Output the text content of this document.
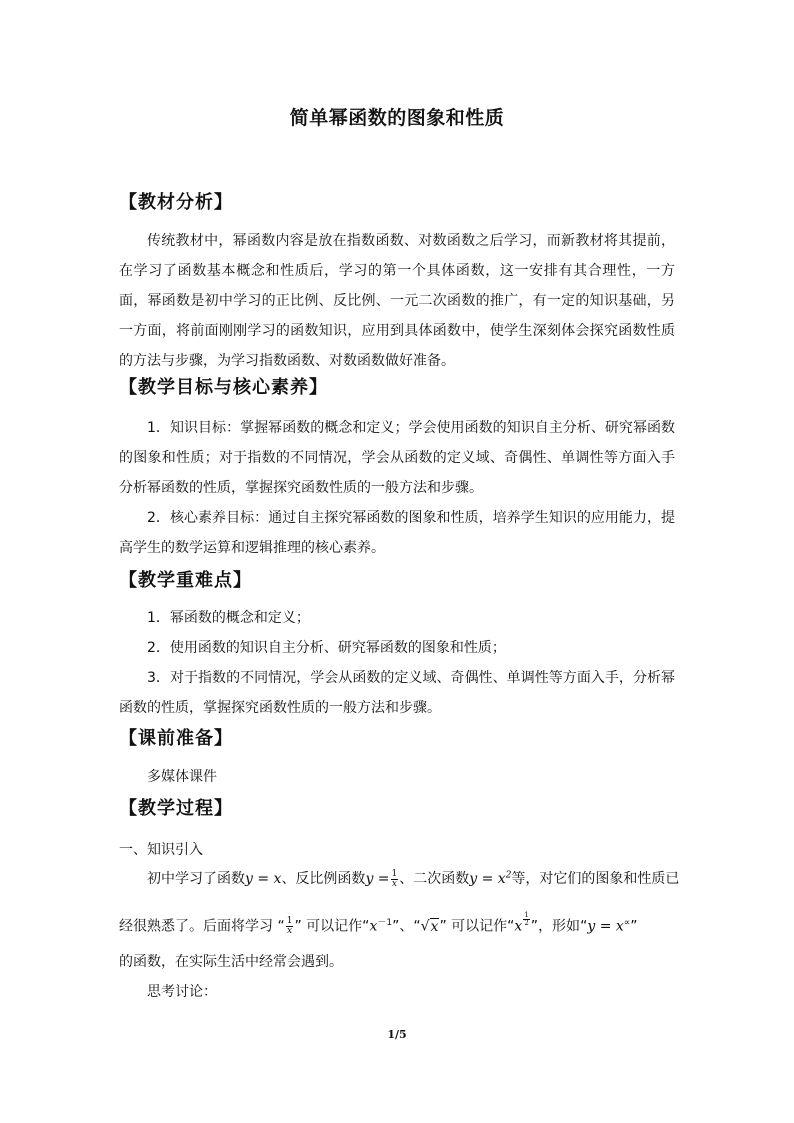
简单幂函数的图象和性质
【教材分析】
传统教材中，幂函数内容是放在指数函数、对数函数之后学习，而新教材将其提前，在学习了函数基本概念和性质后，学习的第一个具体函数，这一安排有其合理性，一方面，幂函数是初中学习的正比例、反比例、一元二次函数的推广，有一定的知识基础，另一方面，将前面刚刚学习的函数知识，应用到具体函数中，使学生深刻体会探究函数性质的方法与步骤，为学习指数函数、对数函数做好准备。
【教学目标与核心素养】
1．知识目标：掌握幂函数的概念和定义；学会使用函数的知识自主分析、研究幂函数的图象和性质；对于指数的不同情况，学会从函数的定义域、奇偶性、单调性等方面入手分析幂函数的性质，掌握探究函数性质的一般方法和步骤。
2．核心素养目标：通过自主探究幂函数的图象和性质，培养学生知识的应用能力，提高学生的数学运算和逻辑推理的核心素养。
【教学重难点】
1．幂函数的概念和定义；
2．使用函数的知识自主分析、研究幂函数的图象和性质；
3．对于指数的不同情况，学会从函数的定义域、奇偶性、单调性等方面入手，分析幂函数的性质，掌握探究函数性质的一般方法和步骤。
【课前准备】
多媒体课件
【教学过程】
一、知识引入
初中学习了函数y = x、反比例函数$y = \frac{1}{x}$ 、二次函数$y = x^2$等，对它们的图象和性质已
经很熟悉了。后面将学习 “ $\frac{1}{x}$ ” 可以记作“$x^{-1}$”、“√x” 可以记作“$x \frac{1}{2}$ ”，形如“y = x∝”
的函数，在实际生活中经常会遇到。
思考讨论：
1/5
